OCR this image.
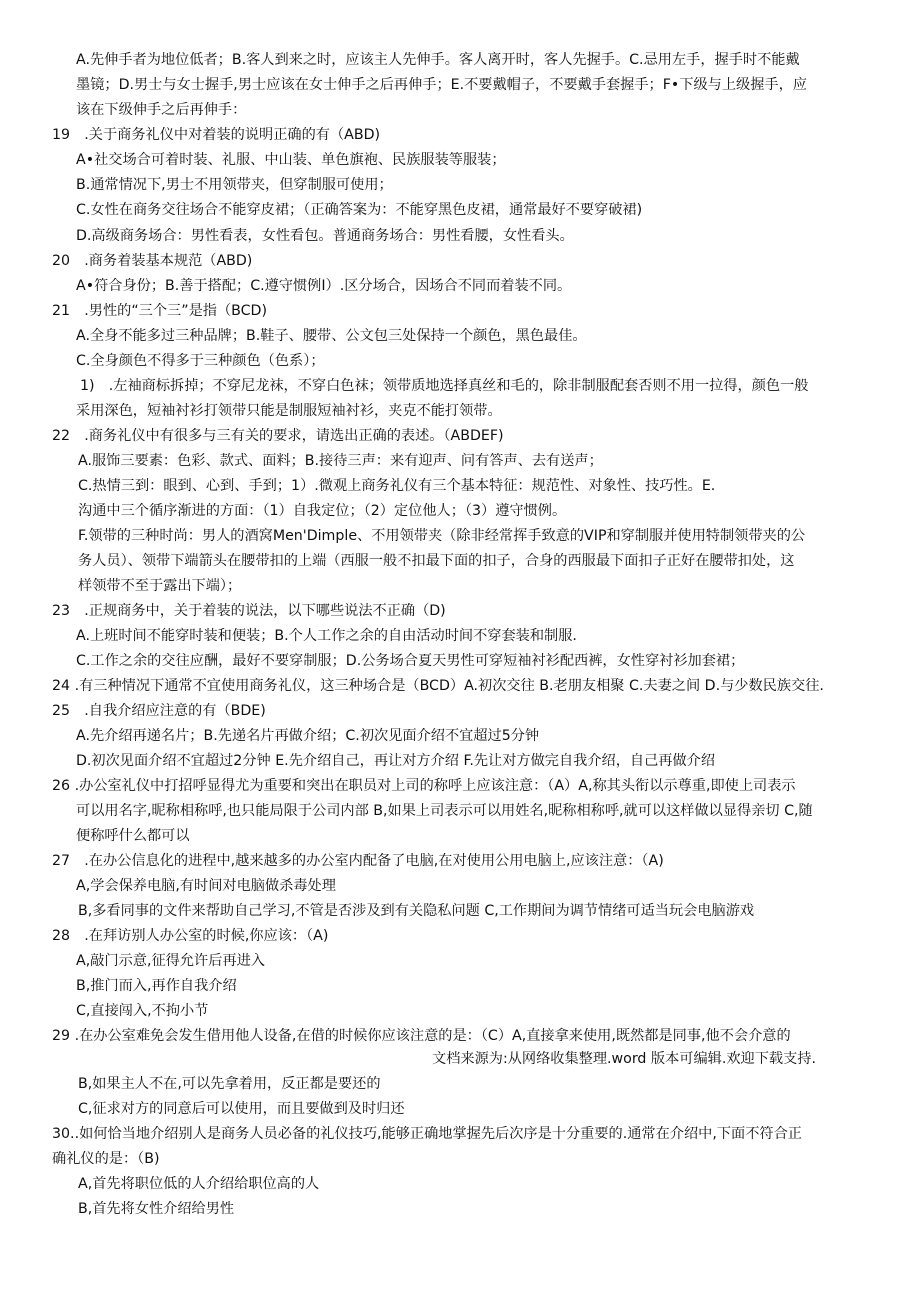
A.先伸手者为地位低者；B.客人到来之时，应该主人先伸手。客人离开时，客人先握手。C.忌用左手，握手时不能戴
墨镜；D.男士与女士握手,男士应该在女士伸手之后再伸手；E.不要戴帽子，不要戴手套握手；F•下级与上级握手，应
该在下级伸手之后再伸手：
19　.关于商务礼仪中对着装的说明正确的有（ABD)
A•社交场合可着时装、礼服、中山装、单色旗袍、民族服装等服装；
B.通常情况下,男士不用领带夹，但穿制服可使用；
C.女性在商务交往场合不能穿皮裙；（正确答案为：不能穿黑色皮裙，通常最好不要穿破裙)
D.高级商务场合：男性看表，女性看包。普通商务场合：男性看腰，女性看头。
20　.商务着装基本规范（ABD)
A•符合身份；B.善于搭配；C.遵守惯例I）.区分场合，因场合不同而着装不同。
21　.男性的“三个三”是指（BCD)
A.全身不能多过三种品牌；B.鞋子、腰带、公文包三处保持一个颜色，黑色最佳。
C.全身颜色不得多于三种颜色（色系）；
1)　.左袖商标拆掉；不穿尼龙袜，不穿白色袜；领带质地选择真丝和毛的，除非制服配套否则不用一拉得，颜色一般
采用深色，短袖衬衫打领带只能是制服短袖衬衫，夹克不能打领带。
22　.商务礼仪中有很多与三有关的要求，请选出正确的表述。（ABDEF)
A.服饰三要素：色彩、款式、面料；B.接待三声：来有迎声、问有答声、去有送声；
C.热情三到：眼到、心到、手到；1）.微观上商务礼仪有三个基本特征：规范性、对象性、技巧性。E.
沟通中三个循序渐进的方面：（1）自我定位；（2）定位他人；（3）遵守惯例。
F.领带的三种时尚：男人的酒窝Men'Dimple、不用领带夹（除非经常挥手致意的VIP和穿制服并使用特制领带夹的公
务人员）、领带下端箭头在腰带扣的上端（西服一般不扣最下面的扣子，合身的西服最下面扣子正好在腰带扣处，这
样领带不至于露出下端）；
23　.正规商务中，关于着装的说法，以下哪些说法不正确（D)
A.上班时间不能穿时装和便装；B.个人工作之余的自由活动时间不穿套装和制服.
C.工作之余的交往应酬，最好不要穿制服；D.公务场合夏天男性可穿短袖衬衫配西裤，女性穿衬衫加套裙；
24 .有三种情况下通常不宜使用商务礼仪，这三种场合是（BCD）A.初次交往 B.老朋友相聚 C.夫妻之间 D.与少数民族交往.
25　.自我介绍应注意的有（BDE)
A.先介绍再递名片；B.先递名片再做介绍；C.初次见面介绍不宜超过5分钟
D.初次见面介绍不宜超过2分钟 E.先介绍自己，再让对方介绍 F.先让对方做完自我介绍，自己再做介绍
26 .办公室礼仪中打招呼显得尤为重要和突出在职员对上司的称呼上应该注意：（A）A,称其头衔以示尊重,即使上司表示
可以用名字,昵称相称呼,也只能局限于公司内部 B,如果上司表示可以用姓名,昵称相称呼,就可以这样做以显得亲切 C,随
便称呼什么都可以
27　.在办公信息化的进程中,越来越多的办公室内配备了电脑,在对使用公用电脑上,应该注意：（A)
A,学会保养电脑,有时间对电脑做杀毒处理
B,多看同事的文件来帮助自己学习,不管是否涉及到有关隐私问题 C,工作期间为调节情绪可适当玩会电脑游戏
28　.在拜访别人办公室的时候,你应该：（A)
A,敲门示意,征得允许后再进入
B,推门而入,再作自我介绍
C,直接闯入,不拘小节
29 .在办公室难免会发生借用他人设备,在借的时候你应该注意的是：（C）A,直接拿来使用,既然都是同事,他不会介意的
文档来源为:从网络收集整理.word 版本可编辑.欢迎下载支持.
B,如果主人不在,可以先拿着用，反正都是要还的
C,征求对方的同意后可以使用，而且要做到及时归还
30..如何恰当地介绍别人是商务人员必备的礼仪技巧,能够正确地掌握先后次序是十分重要的.通常在介绍中,下面不符合正
确礼仪的是：（B)
A,首先将职位低的人介绍给职位高的人
B,首先将女性介绍给男性
